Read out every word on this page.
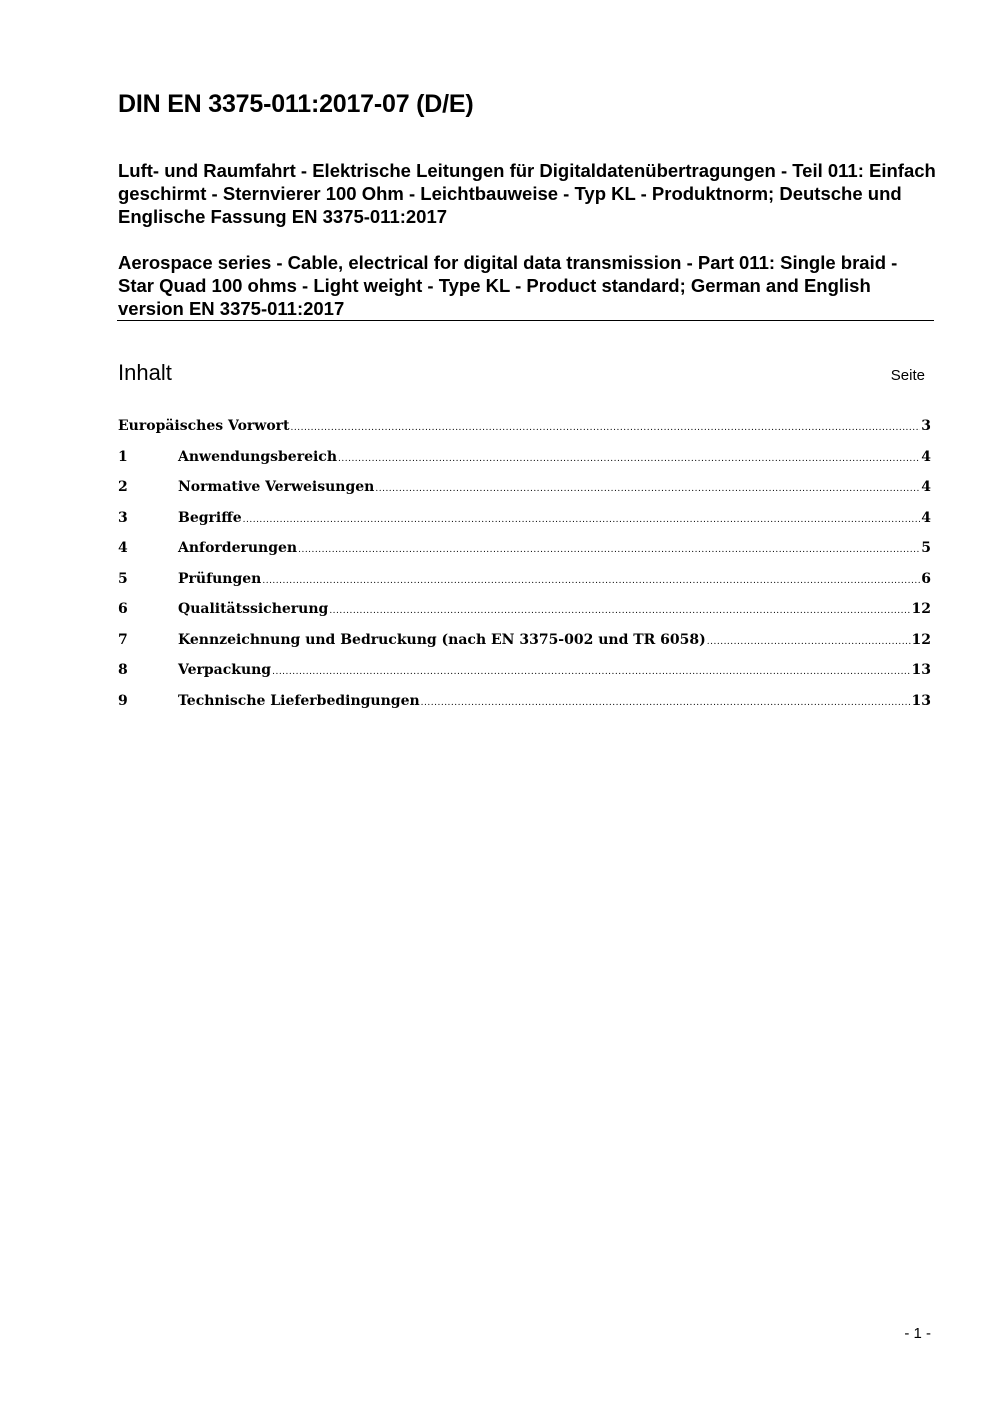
DIN EN 3375-011:2017-07 (D/E)

Luft- und Raumfahrt - Elektrische Leitungen für Digitaldatenübertragungen - Teil 011: Einfach geschirmt - Sternvierer 100 Ohm - Leichtbauweise - Typ KL - Produktnorm; Deutsche und Englische Fassung EN 3375-011:2017

Aerospace series - Cable, electrical for digital data transmission - Part 011: Single braid - Star Quad 100 ohms - Light weight - Type KL - Product standard; German and English version EN 3375-011:2017

Inhalt	Seite
Europäisches Vorwort .....	3
1	Anwendungsbereich .....	4
2	Normative Verweisungen .....	4
3	Begriffe .....	4
4	Anforderungen .....	5
5	Prüfungen .....	6
6	Qualitätssicherung .....	12
7	Kennzeichnung und Bedruckung (nach EN 3375-002 und TR 6058) .....	12
8	Verpackung .....	13
9	Technische Lieferbedingungen .....	13
- 1 -
